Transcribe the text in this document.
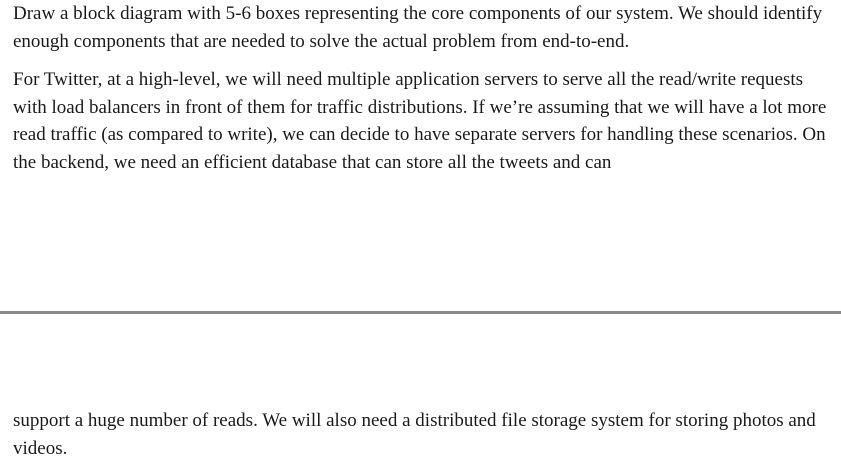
Draw a block diagram with 5-6 boxes representing the core components of our system. We should identify enough components that are needed to solve the actual problem from end-to-end.

For Twitter, at a high-level, we will need multiple application servers to serve all the read/write requests with load balancers in front of them for traffic distributions. If we’re assuming that we will have a lot more read traffic (as compared to write), we can decide to have separate servers for handling these scenarios. On the backend, we need an efficient database that can store all the tweets and can

support a huge number of reads. We will also need a distributed file storage system for storing photos and videos.
